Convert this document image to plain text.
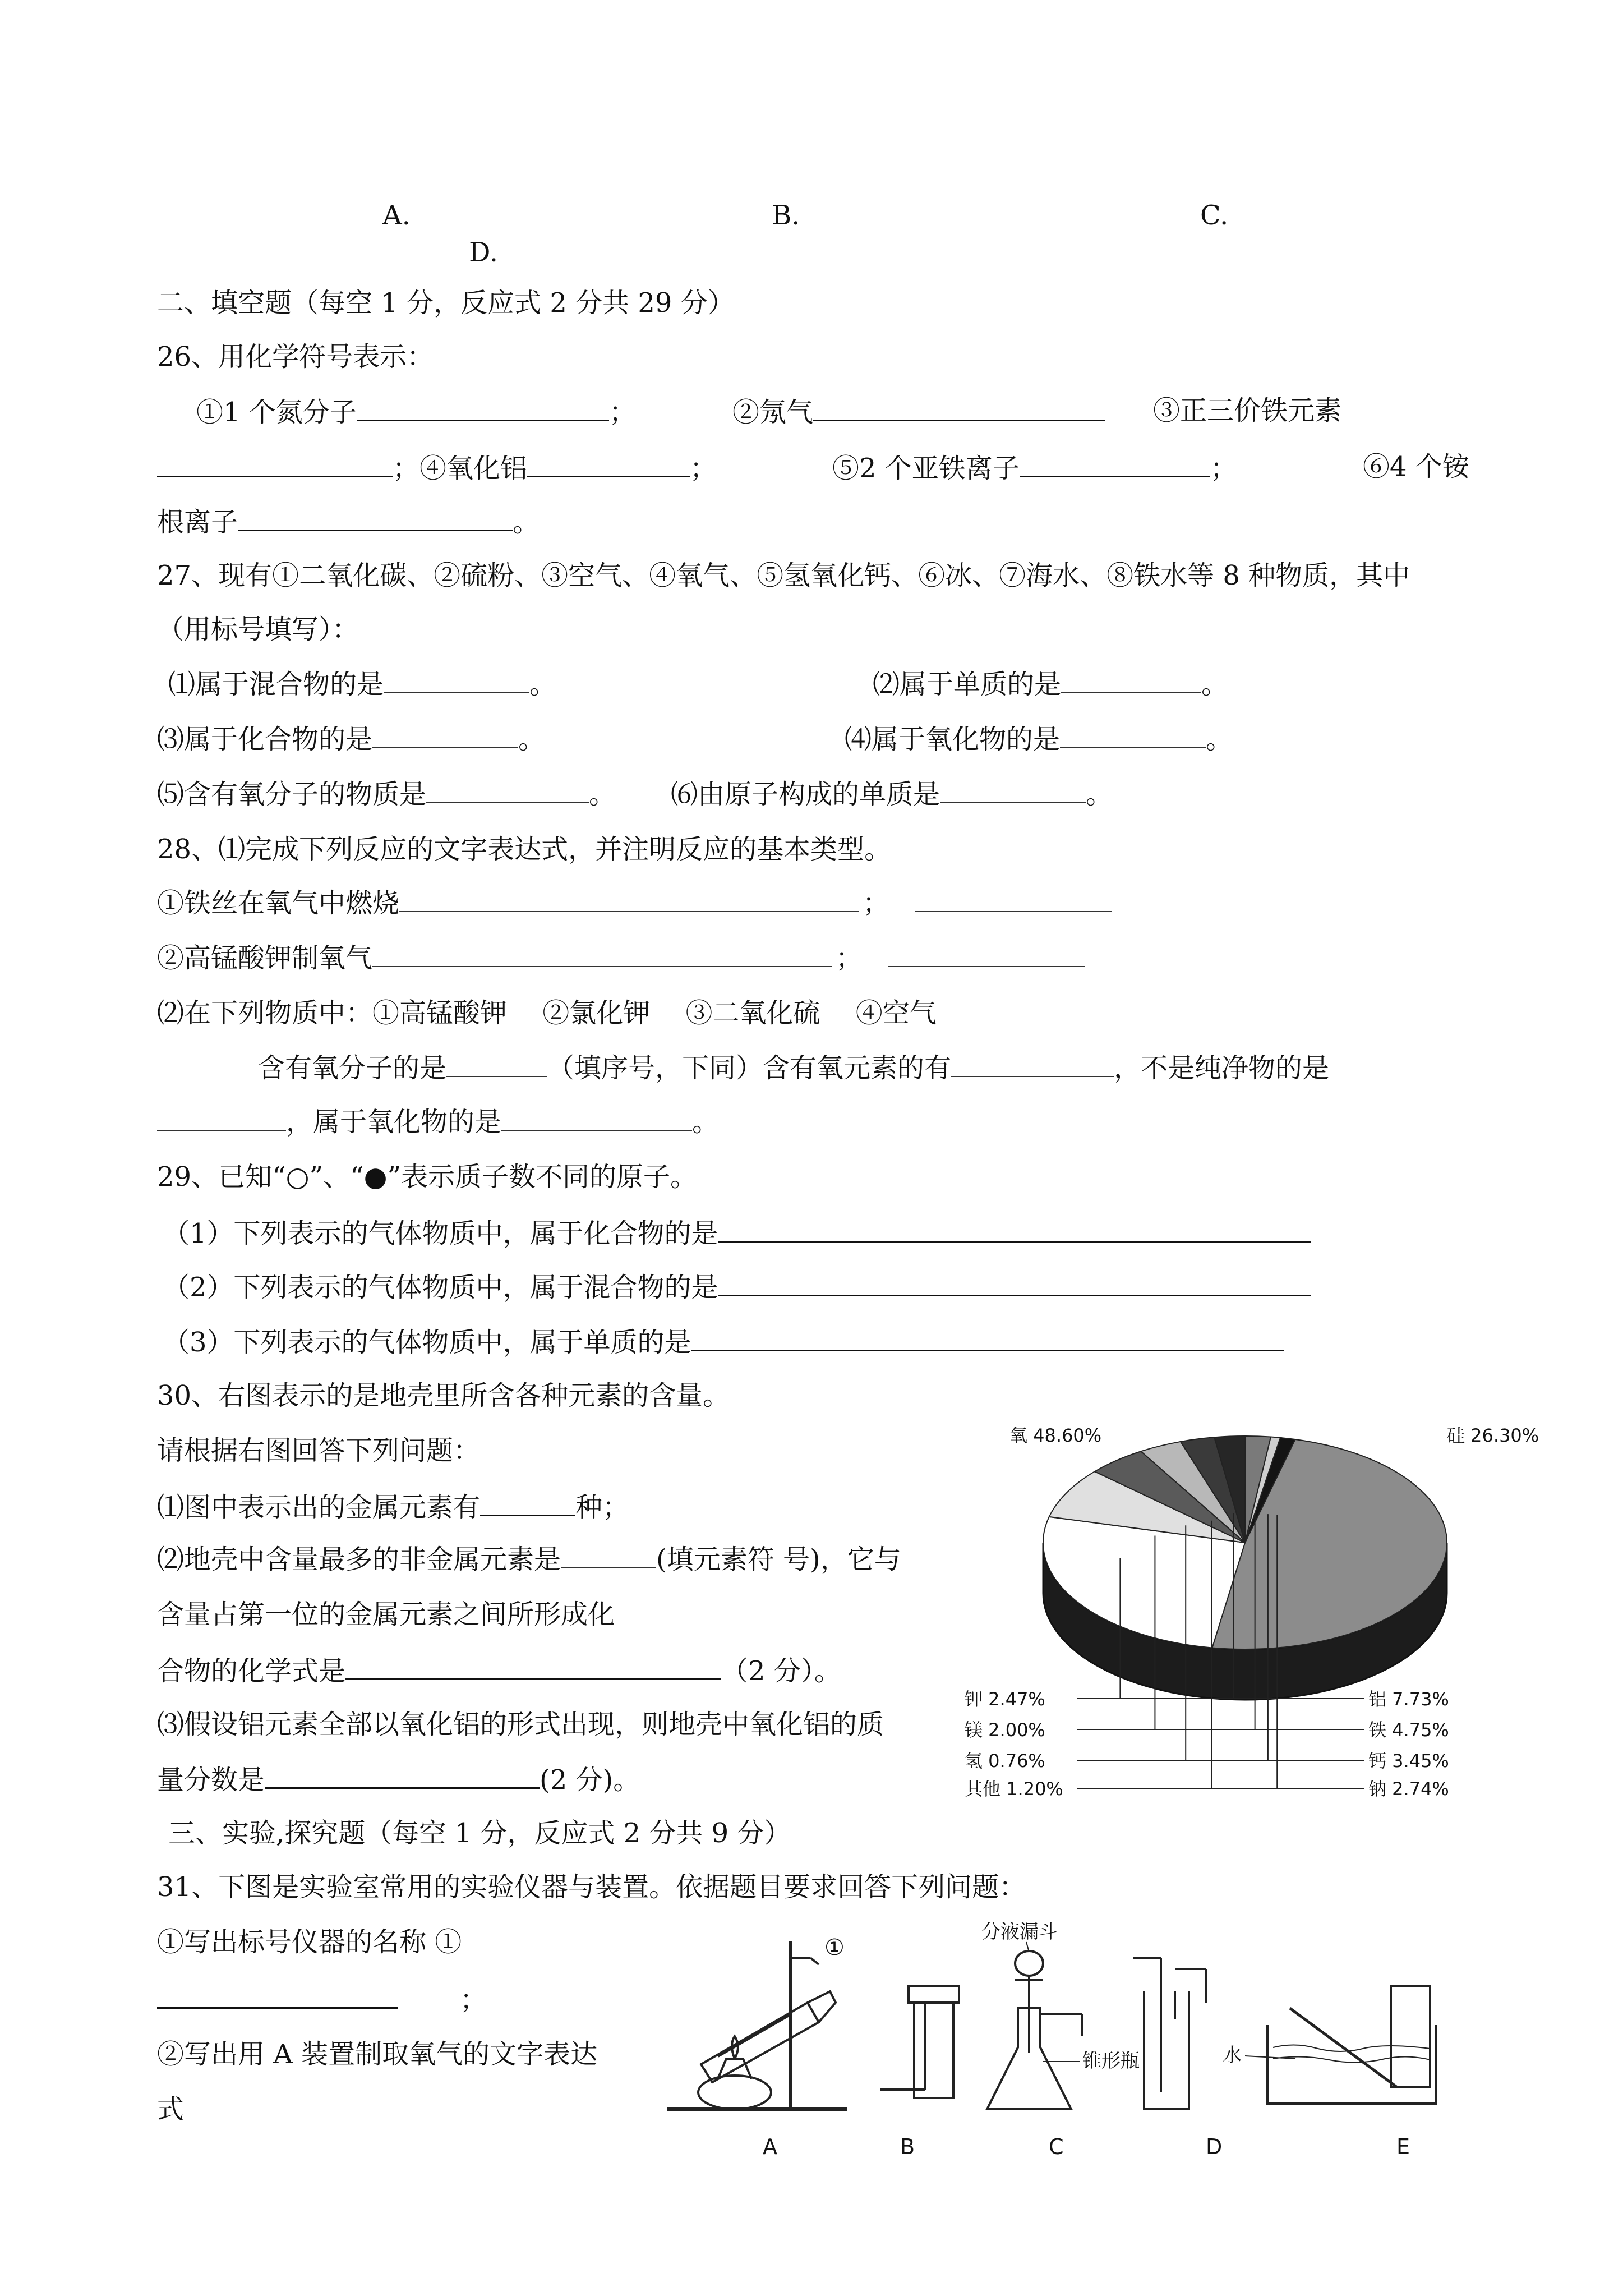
A.	B.	C.
D.
二、填空题（每空 1 分，反应式 2 分共 29 分）
26、用化学符号表示：
①1 个氮分子	；	②氖气	③正三价铁元素
；④氧化铝	；	⑤2 个亚铁离子	；	⑥4 个铵
根离子	。
27、现有①二氧化碳、②硫粉、③空气、④氧气、⑤氢氧化钙、⑥冰、⑦海水、⑧铁水等 8 种物质，其中
（用标号填写）：
⑴属于混合物的是	。	⑵属于单质的是	。
⑶属于化合物的是	。	⑷属于氧化物的是	。
⑸含有氧分子的物质是	。 ⑹由原子构成的单质是	。
28、⑴完成下列反应的文字表达式，并注明反应的基本类型。
①铁丝在氧气中燃烧	；
②高锰酸钾制氧气	；
⑵在下列物质中：①高锰酸钾　 ②氯化钾　 ③二氧化硫　 ④空气
含有氧分子的是	（填序号，下同）含有氧元素的有	，不是纯净物的是
，属于氧化物的是	。
29、已知“○”、“●”表示质子数不同的原子。
（1）下列表示的气体物质中，属于化合物的是
（2）下列表示的气体物质中，属于混合物的是
（3）下列表示的气体物质中，属于单质的是
30、右图表示的是地壳里所含各种元素的含量。
请根据右图回答下列问题：
⑴图中表示出的金属元素有	种；
⑵地壳中含量最多的非金属元素是	(填元素符 号)，它与
含量占第一位的金属元素之间所形成化
合物的化学式是	（2 分）。
⑶假设铝元素全部以氧化铝的形式出现，则地壳中氧化铝的质
量分数是	(2 分)。
氧 48.60%	硅 26.30%
铝 7.73%
铁 4.75%
钙 3.45%
钠 2.74%
钾 2.47%
镁 2.00%
氢 0.76%
其他 1.20%
三、实验,探究题（每空 1 分，反应式 2 分共 9 分）
31、下图是实验室常用的实验仪器与装置。依据题目要求回答下列问题：
①写出标号仪器的名称 ①
；
②写出用 A 装置制取氧气的文字表达
式
①
分液漏斗
锥形瓶	水
A	B	C	D	E
